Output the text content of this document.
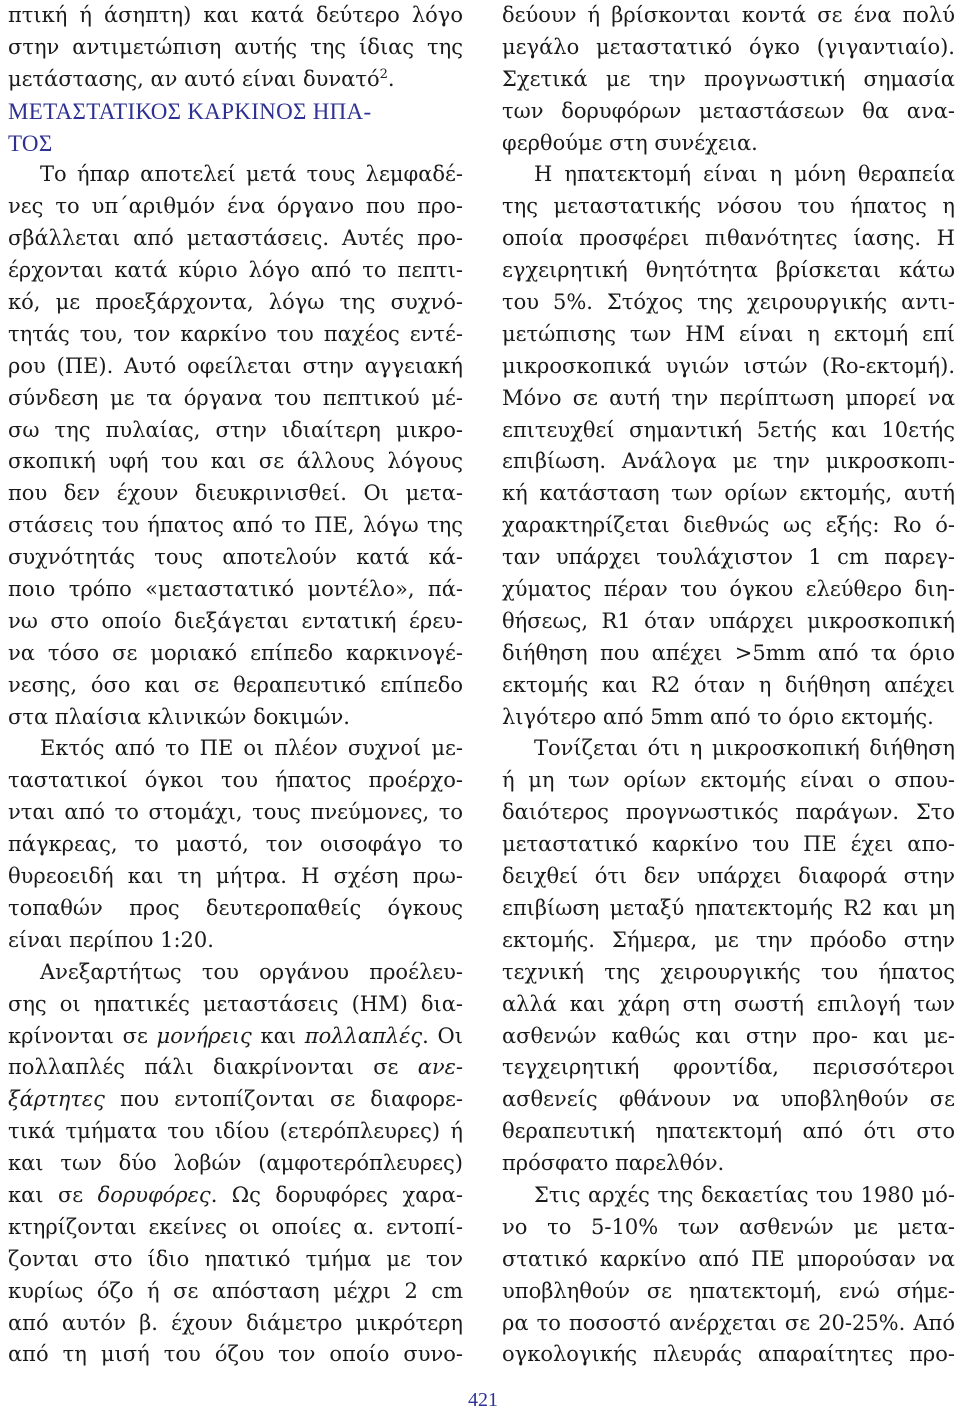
πτική ή άσηπτη) και κατά δεύτερο λόγο
στην αντιμετώπιση αυτής της ίδιας της
μετάστασης, αν αυτό είναι δυνατό$^2$.
ΜΕΤΑΣΤΑΤΙΚΟΣ ΚΑΡΚΙΝΟΣ ΗΠΑ-
ΤΟΣ
Το ήπαρ αποτελεί μετά τους λεμφαδέ-
νες το υπ΄αριθμόν ένα όργανο που προ-
σβάλλεται από μεταστάσεις. Αυτές προ-
έρχονται κατά κύριο λόγο από το πεπτι-
κό, με προεξάρχοντα, λόγω της συχνό-
τητάς του, τον καρκίνο του παχέος εντέ-
ρου (ΠΕ). Αυτό οφείλεται στην αγγειακή
σύνδεση με τα όργανα του πεπτικού μέ-
σω της πυλαίας, στην ιδιαίτερη μικρο-
σκοπική υφή του και σε άλλους λόγους
που δεν έχουν διευκρινισθεί. Οι μετα-
στάσεις του ήπατος από το ΠΕ, λόγω της
συχνότητάς τους αποτελούν κατά κά-
ποιο τρόπο «μεταστατικό μοντέλο», πά-
νω στο οποίο διεξάγεται εντατική έρευ-
να τόσο σε μοριακό επίπεδο καρκινογέ-
νεσης, όσο και σε θεραπευτικό επίπεδο
στα πλαίσια κλινικών δοκιμών.
Εκτός από το ΠΕ οι πλέον συχνοί με-
ταστατικοί όγκοι του ήπατος προέρχο-
νται από το στομάχι, τους πνεύμονες, το
πάγκρεας, το μαστό, τον οισοφάγο το
θυρεοειδή και τη μήτρα. Η σχέση πρω-
τοπαθών προς δευτεροπαθείς όγκους
είναι περίπου 1:20.
Ανεξαρτήτως του οργάνου προέλευ-
σης οι ηπατικές μεταστάσεις (ΗΜ) δια-
κρίνονται σε μονήρεις και πολλαπλές. Οι
πολλαπλές πάλι διακρίνονται σε ανε-
ξάρτητες που εντοπίζονται σε διαφορε-
τικά τμήματα του ιδίου (ετερόπλευρες) ή
και των δύο λοβών (αμφοτερόπλευρες)
και σε δορυφόρες. Ως δορυφόρες χαρα-
κτηρίζονται εκείνες οι οποίες α. εντοπί-
ζονται στο ίδιο ηπατικό τμήμα με τον
κυρίως όζο ή σε απόσταση μέχρι 2 cm
από αυτόν β. έχουν διάμετρο μικρότερη
από τη μισή του όζου τον οποίο συνο-
δεύουν ή βρίσκονται κοντά σε ένα πολύ
μεγάλο μεταστατικό όγκο (γιγαντιαίο).
Σχετικά με την προγνωστική σημασία
των δορυφόρων μεταστάσεων θα ανα-
φερθούμε στη συνέχεια.
Η ηπατεκτομή είναι η μόνη θεραπεία
της μεταστατικής νόσου του ήπατος η
οποία προσφέρει πιθανότητες ίασης. Η
εγχειρητική θνητότητα βρίσκεται κάτω
του 5%. Στόχος της χειρουργικής αντι-
μετώπισης των ΗΜ είναι η εκτομή επί
μικροσκοπικά υγιών ιστών (Rο-εκτομή).
Μόνο σε αυτή την περίπτωση μπορεί να
επιτευχθεί σημαντική 5ετής και 10ετής
επιβίωση. Ανάλογα με την μικροσκοπι-
κή κατάσταση των ορίων εκτομής, αυτή
χαρακτηρίζεται διεθνώς ως εξής: Rο ό-
ταν υπάρχει τουλάχιστον 1 cm παρεγ-
χύματος πέραν του όγκου ελεύθερο διη-
θήσεως, R1 όταν υπάρχει μικροσκοπική
διήθηση που απέχει >5mm από τα όριο
εκτομής και R2 όταν η διήθηση απέχει
λιγότερο από 5mm από το όριο εκτομής.
Τονίζεται ότι η μικροσκοπική διήθηση
ή μη των ορίων εκτομής είναι ο σπου-
δαιότερος προγνωστικός παράγων. Στο
μεταστατικό καρκίνο του ΠΕ έχει απο-
δειχθεί ότι δεν υπάρχει διαφορά στην
επιβίωση μεταξύ ηπατεκτομής R2 και μη
εκτομής. Σήμερα, με την πρόοδο στην
τεχνική της χειρουργικής του ήπατος
αλλά και χάρη στη σωστή επιλογή των
ασθενών καθώς και στην προ- και με-
τεγχειρητική φροντίδα, περισσότεροι
ασθενείς φθάνουν να υποβληθούν σε
θεραπευτική ηπατεκτομή από ότι στο
πρόσφατο παρελθόν.
Στις αρχές της δεκαετίας του 1980 μό-
νο το 5-10% των ασθενών με μετα-
στατικό καρκίνο από ΠΕ μπορούσαν να
υποβληθούν σε ηπατεκτομή, ενώ σήμε-
ρα το ποσοστό ανέρχεται σε 20-25%. Από
ογκολογικής πλευράς απαραίτητες προ-
421
